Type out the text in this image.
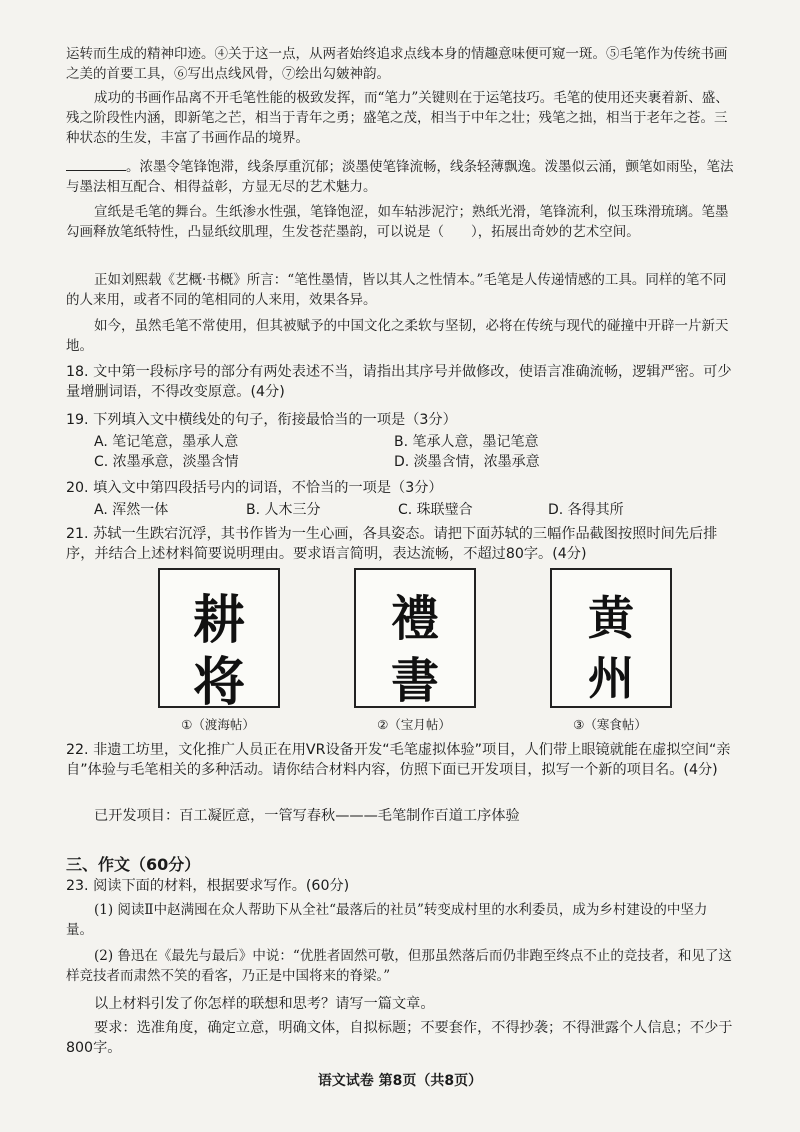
运转而生成的精神印迹。④关于这一点，从两者始终追求点线本身的情趣意味便可窥一斑。⑤毛笔作为传统书画之美的首要工具，⑥写出点线风骨，⑦绘出勾皴神韵。

成功的书画作品离不开毛笔性能的极致发挥，而“笔力”关键则在于运笔技巧。毛笔的使用还夹裹着新、盛、残之阶段性内涵，即新笔之芒，相当于青年之勇；盛笔之茂，相当于中年之壮；残笔之拙，相当于老年之苍。三种状态的生发，丰富了书画作品的境界。

。浓墨令笔锋饱滞，线条厚重沉郁；淡墨使笔锋流畅，线条轻薄飘逸。泼墨似云涌，颤笔如雨坠，笔法与墨法相互配合、相得益彰，方显无尽的艺术魅力。

宣纸是毛笔的舞台。生纸渗水性强，笔锋饱涩，如车轱涉泥泞；熟纸光滑，笔锋流利，似玉珠滑琉璃。笔墨勾画释放笔纸特性，凸显纸纹肌理，生发苍茫墨韵，可以说是（　　），拓展出奇妙的艺术空间。

正如刘熙载《艺概·书概》所言：“笔性墨情，皆以其人之性情本。”毛笔是人传递情感的工具。同样的笔不同的人来用，或者不同的笔相同的人来用，效果各异。

如今，虽然毛笔不常使用，但其被赋予的中国文化之柔软与坚韧，必将在传统与现代的碰撞中开辟一片新天地。

18. 文中第一段标序号的部分有两处表述不当，请指出其序号并做修改，使语言准确流畅，逻辑严密。可少量增删词语，不得改变原意。(4分)

19. 下列填入文中横线处的句子，衔接最恰当的一项是（3分）

A. 笔记笔意，墨承人意	B. 笔承人意，墨记笔意
C. 浓墨承意，淡墨含情	D. 淡墨含情，浓墨承意

20. 填入文中第四段括号内的词语，不恰当的一项是（3分）

A. 浑然一体	B. 人木三分	C. 珠联璧合	D. 各得其所

21. 苏轼一生跌宕沉浮，其书作皆为一生心画，各具姿态。请把下面苏轼的三幅作品截图按照时间先后排序，并结合上述材料简要说明理由。要求语言简明，表达流畅，不超过80字。(4分)

耕
将
①（渡海帖）
禮
書
②（宝月帖）
黄
州
③（寒食帖）

22. 非遗工坊里，文化推广人员正在用VR设备开发“毛笔虚拟体验”项目，人们带上眼镜就能在虚拟空间“亲自”体验与毛笔相关的多种活动。请你结合材料内容，仿照下面已开发项目，拟写一个新的项目名。(4分)

已开发项目：百工凝匠意，一管写春秋———毛笔制作百道工序体验

三、作文（60分）

23. 阅读下面的材料，根据要求写作。(60分)

(1) 阅读Ⅱ中赵满囤在众人帮助下从全社“最落后的社员”转变成村里的水利委员，成为乡村建设的中坚力量。

(2) 鲁迅在《最先与最后》中说：“优胜者固然可敬，但那虽然落后而仍非跑至终点不止的竞技者，和见了这样竞技者而肃然不笑的看客，乃正是中国将来的脊梁。”

以上材料引发了你怎样的联想和思考？请写一篇文章。

要求：选准角度，确定立意，明确文体，自拟标题；不要套作，不得抄袭；不得泄露个人信息；不少于800字。

语文试卷 第8页（共8页）
